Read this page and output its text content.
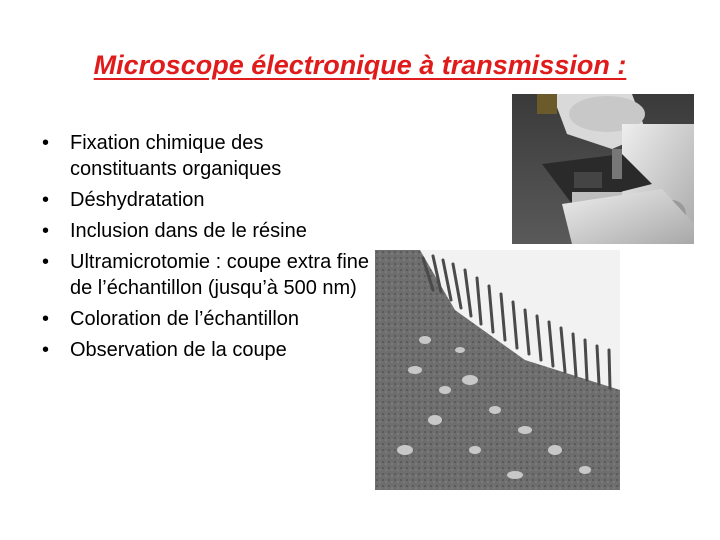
Microscope électronique à transmission :
• Fixation chimique des constituants organiques
• Déshydratation
• Inclusion dans de le résine
• Ultramicrotomie : coupe extra fine de l’échantillon (jusqu’à 500 nm)
• Coloration de l’échantillon
• Observation de la coupe
